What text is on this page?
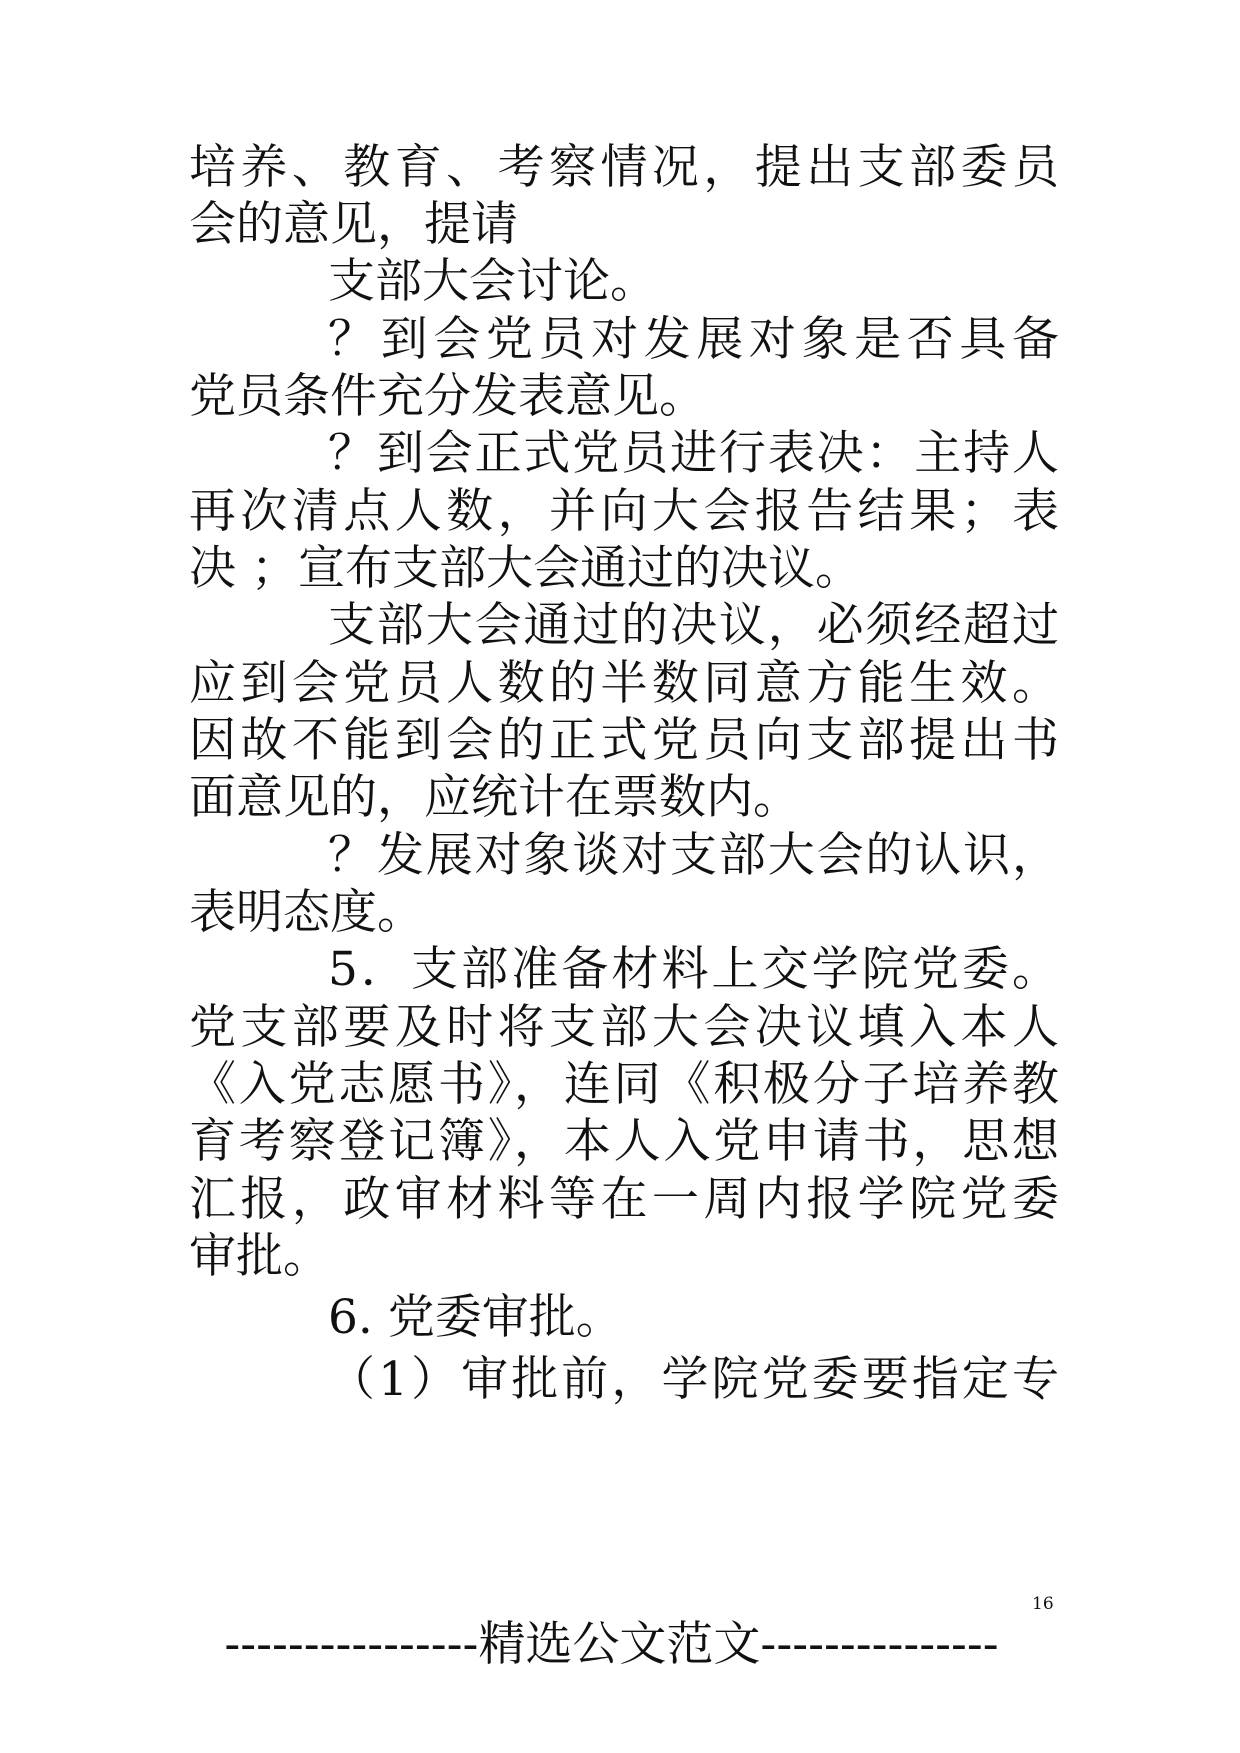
培养、教育、考察情况，提出支部委员
会的意见，提请
支部大会讨论。
？到会党员对发展对象是否具备
党员条件充分发表意见。
？到会正式党员进行表决：主持人
再次清点人数，并向大会报告结果；表
决 ；宣布支部大会通过的决议。
支部大会通过的决议，必须经超过
应到会党员人数的半数同意方能生效。
因故不能到会的正式党员向支部提出书
面意见的，应统计在票数内。
？发展对象谈对支部大会的认识，
表明态度。
5．支部准备材料上交学院党委。
党支部要及时将支部大会决议填入本人
《入党志愿书》，连同《积极分子培养教
育考察登记簿》，本人入党申请书，思想
汇报，政审材料等在一周内报学院党委
审批。
6. 党委审批。
（1）审批前，学院党委要指定专
16
----------------精选公文范文---------------
